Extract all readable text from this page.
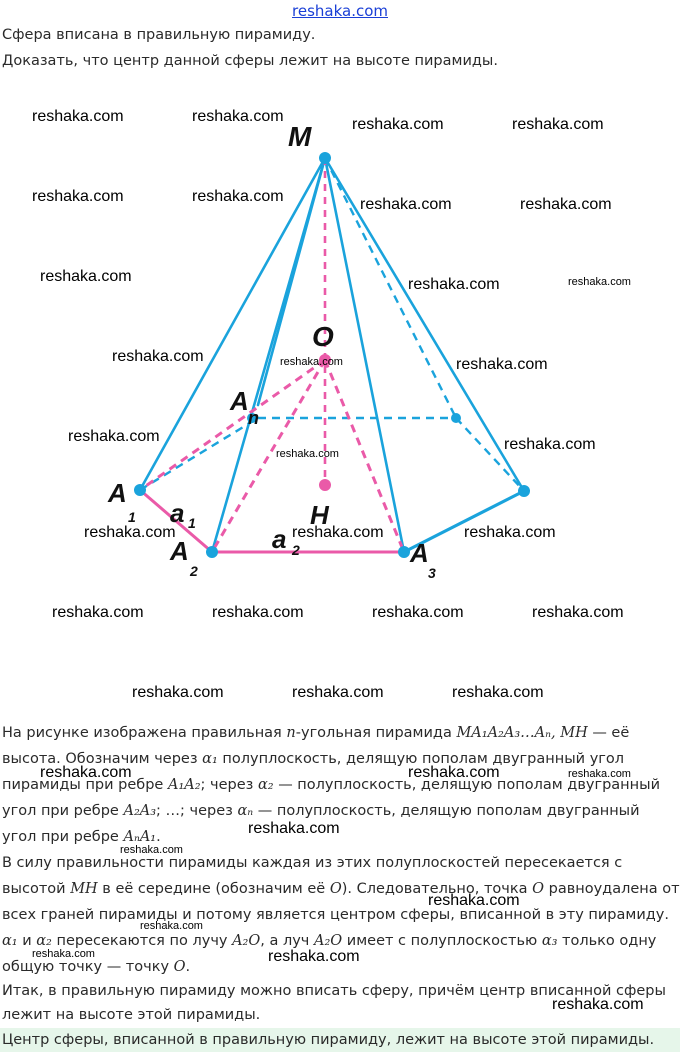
reshaka.com
Сфера вписана в правильную пирамиду.
Доказать, что центр данной сферы лежит на высоте пирамиды.
M
O
H
A
n
A
1
A
2
A
3
a 1
a 2
На рисунке изображена правильная n-угольная пирамида MA₁A₂A₃…Aₙ, MH — её
высота. Обозначим через α₁ полуплоскость, делящую пополам двугранный угол
пирамиды при ребре A₁A₂; через α₂ — полуплоскость, делящую пополам двугранный
угол при ребре A₂A₃; …; через αₙ — полуплоскость, делящую пополам двугранный
угол при ребре AₙA₁.
В силу правильности пирамиды каждая из этих полуплоскостей пересекается с
высотой MH в её середине (обозначим её O). Следовательно, точка O равноудалена от
всех граней пирамиды и потому является центром сферы, вписанной в эту пирамиду.
α₁ и α₂ пересекаются по лучу A₂O, а луч A₂O имеет с полуплоскостью α₃ только одну
общую точку — точку O.
Итак, в правильную пирамиду можно вписать сферу, причём центр вписанной сферы
лежит на высоте этой пирамиды.
Центр сферы, вписанной в правильную пирамиду, лежит на высоте этой пирамиды.
reshaka.com	reshaka.com	reshaka.com	reshaka.com
reshaka.com	reshaka.com	reshaka.com	reshaka.com
reshaka.com	reshaka.com	reshaka.com
reshaka.com	reshaka.com	reshaka.com
reshaka.com
reshaka.com
reshaka.com
reshaka.com	reshaka.com	reshaka.com
reshaka.com	reshaka.com	reshaka.com	reshaka.com
reshaka.com	reshaka.com	reshaka.com
reshaka.com	reshaka.com	reshaka.com
reshaka.com
reshaka.com
reshaka.com
reshaka.com
reshaka.com	reshaka.com
reshaka.com
